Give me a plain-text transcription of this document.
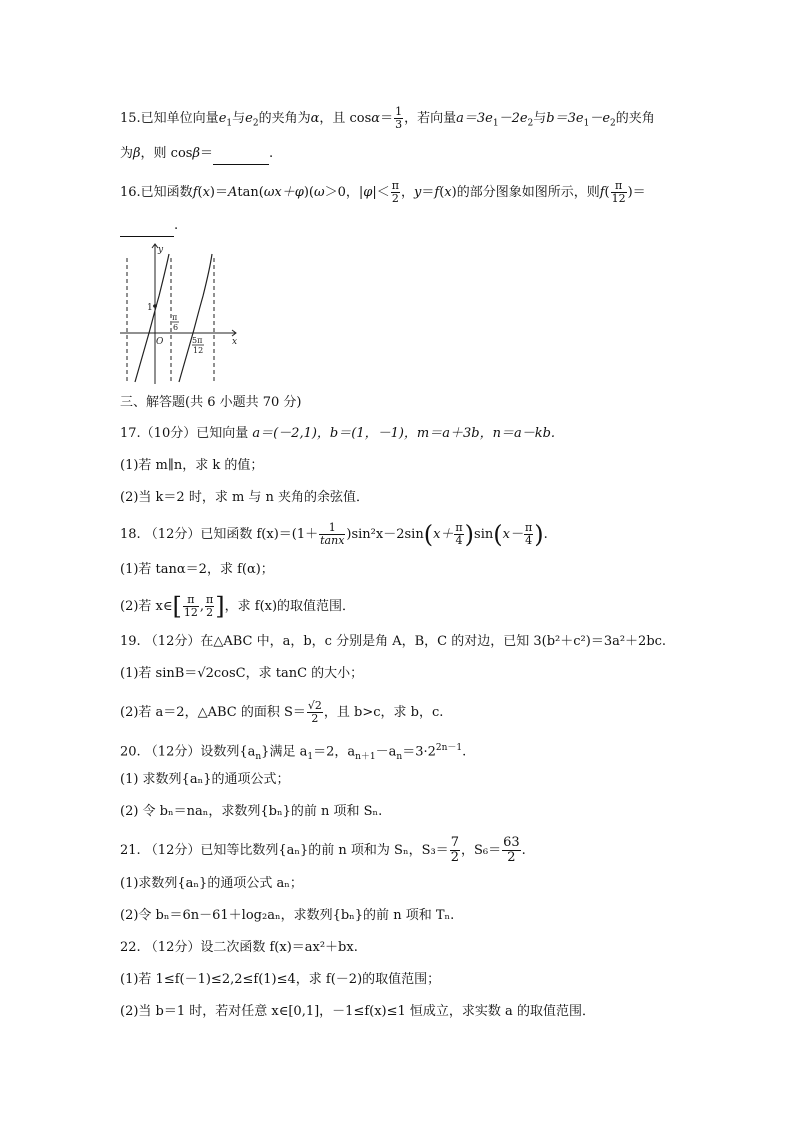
15.已知单位向量$e_1$与$e_2$的夹角为α，且 $\cos\alpha= \frac{1}{3}$ ，若向量$a=3e_1-2e_2$与$b=3e_1-e_2$的夹角
为β，则 cosβ＝	.
16.已知函数f(x)＝Atan(ωx＋φ)(ω＞0，$|\varphi|< \frac{\pi}{2}$ ，y＝f(x)的部分图象如图所示，则$f( \frac{\pi}{12}$ )＝
.
y
x
O
1
π
6
5π
12
三、解答题(共 6 小题共 70 分)
17.（10分）已知向量 a＝(－2,1)，b＝(1，－1)，m＝a＋3b，n＝a－kb.
(1)若 m∥n，求 k 的值；
(2)当 k＝2 时，求 m 与 n 夹角的余弦值．
18. （12分）已知函数 $f(x)=(1+ \frac{1}{\tan x} )\sin^2x-2\sin(x+ \frac{\pi}{4} )\sin(x- \frac{\pi}{4}$ ).
(1)若 tanα＝2，求 f(α)；
(2)若 x∈[ $\frac{\pi}{12}$ , $\frac{\pi}{2}$ ]，求 f(x)的取值范围．
19. （12分）在△ABC 中，a，b，c 分别是角 A，B，C 的对边，已知 3(b²＋c²)＝3a²＋2bc.
(1)若 sinB＝√2cosC，求 tanC 的大小；
(2)若 a＝2，△ABC 的面积 $S= \frac{√2}{2}$ ，且 b>c，求 b，c.
20. （12分）设数列$\{a_n\}$满足 $a_1=2$，$a_{n+1}-a_n=3\cdot 2^{2n-1}$.
(1) 求数列{aₙ}的通项公式；
(2) 令 bₙ＝naₙ，求数列{bₙ}的前 n 项和 Sₙ.
21. （12分）已知等比数列{aₙ}的前 n 项和为 Sₙ，$S_3= \frac{7}{2}$ ，$S_6= \frac{63}{2}$ .
(1)求数列{aₙ}的通项公式 aₙ；
(2)令 bₙ＝6n－61＋log₂aₙ，求数列{bₙ}的前 n 项和 Tₙ.
22. （12分）设二次函数 f(x)＝ax²＋bx.
(1)若 1≤f(－1)≤2,2≤f(1)≤4，求 f(－2)的取值范围；
(2)当 b＝1 时，若对任意 x∈[0,1]，－1≤f(x)≤1 恒成立，求实数 a 的取值范围．
